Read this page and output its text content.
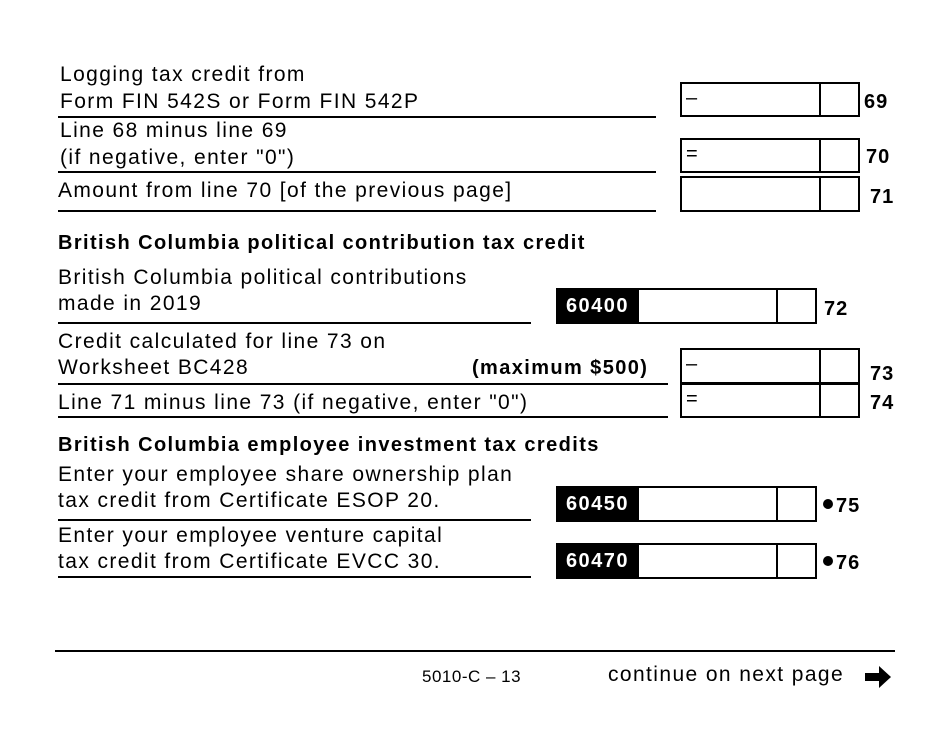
Logging tax credit from
Form FIN 542S or Form FIN 542P	–	69
Line 68 minus line 69
(if negative, enter "0")	=	70
Amount from line 70 [of the previous page]	71
British Columbia political contribution tax credit
British Columbia political contributions
made in 2019	60400	72
Credit calculated for line 73 on
Worksheet BC428	(maximum $500) –	73
Line 71 minus line 73 (if negative, enter "0")	=	74
British Columbia employee investment tax credits
Enter your employee share ownership plan
tax credit from Certificate ESOP 20.	60450	75
Enter your employee venture capital
tax credit from Certificate EVCC 30.	60470	76
5010-C – 13	continue on next page
